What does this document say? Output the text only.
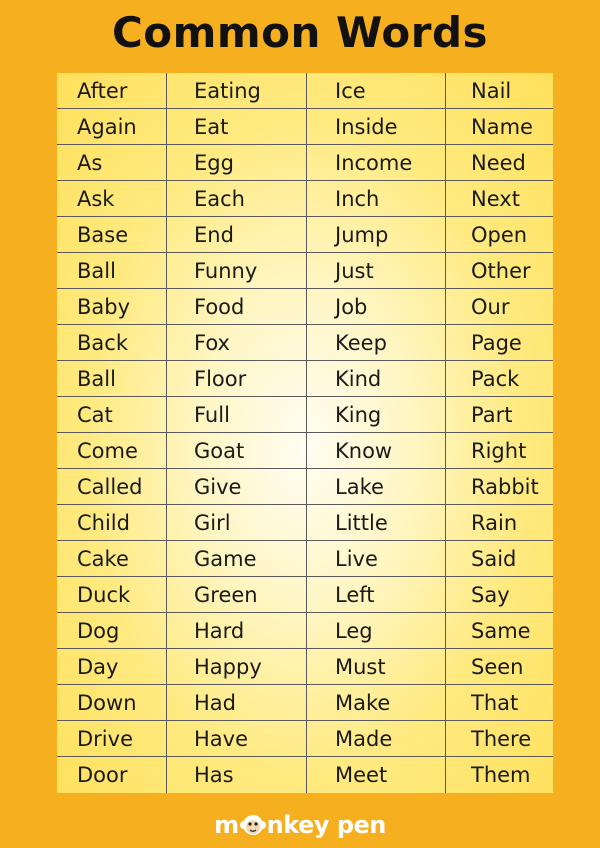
Common Words
After	Eating	Ice	Nail
Again	Eat	Inside	Name
As	Egg	Income	Need
Ask	Each	Inch	Next
Base	End	Jump	Open
Ball	Funny	Just	Other
Baby	Food	Job	Our
Back	Fox	Keep	Page
Ball	Floor	Kind	Pack
Cat	Full	King	Part
Come	Goat	Know	Right
Called	Give	Lake	Rabbit
Child	Girl	Little	Rain
Cake	Game	Live	Said
Duck	Green	Left	Say
Dog	Hard	Leg	Same
Day	Happy	Must	Seen
Down	Had	Make	That
Drive	Have	Made	There
Door	Has	Meet	Them
m nkey pen
